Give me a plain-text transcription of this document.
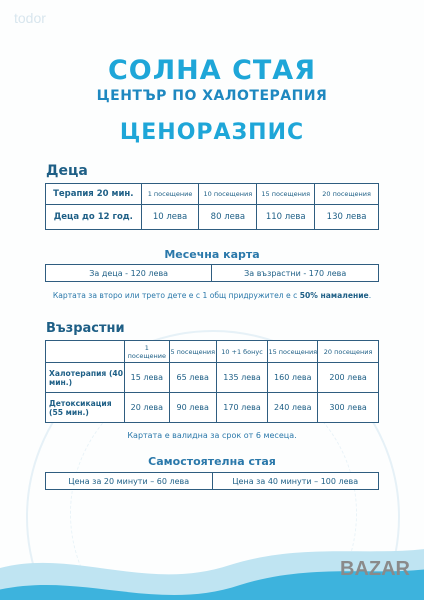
todor
СОЛНА СТАЯ
ЦЕНТЪР ПО ХАЛОТЕРАПИЯ
ЦЕНОРАЗПИС
Деца
Терапия 20 мин.	1 посещение	10 посещения	15 посещения	20 посещения
Деца до 12 год.	10 лева	80 лева	110 лева	130 лева
Месечна карта
За деца - 120 лева	За възрастни - 170 лева
Картата за второ или трето дете е с 1 общ придружител е с 50% намаление.
Възрастни
	1 посещение	5 посещения	10 +1 бонус	15 посещения	20 посещения
Халотерапия (40 мин.)	15 лева	65 лева	135 лева	160 лева	200 лева
Детоксикация (55 мин.)	20 лева	90 лева	170 лева	240 лева	300 лева
Картата е валидна за срок от 6 месеца.
Самостоятелна стая
Цена за 20 минути – 60 лева	Цена за 40 минути – 100 лева
BAZAR
